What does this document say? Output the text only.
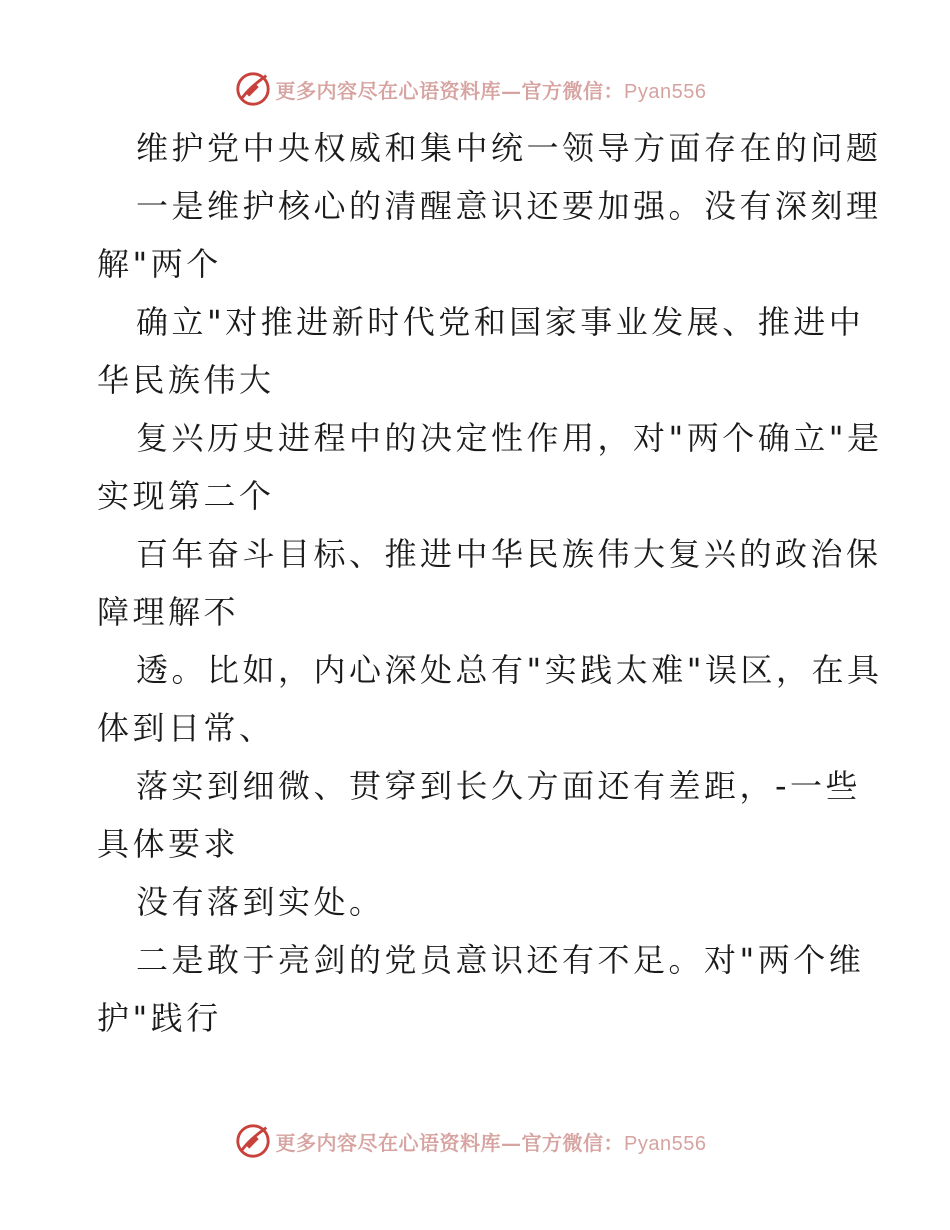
更多内容尽在心语资料库—官方微信：Pyan556
维护党中央权威和集中统一领导方面存在的问题
一是维护核心的清醒意识还要加强。没有深刻理
解"两个
确立"对推进新时代党和国家事业发展、推进中
华民族伟大
复兴历史进程中的决定性作用，对"两个确立"是
实现第二个
百年奋斗目标、推进中华民族伟大复兴的政治保
障理解不
透。比如，内心深处总有"实践太难"误区，在具
体到日常、
落实到细微、贯穿到长久方面还有差距，-一些
具体要求
没有落到实处。
二是敢于亮剑的党员意识还有不足。对"两个维
护"践行
更多内容尽在心语资料库—官方微信：Pyan556
